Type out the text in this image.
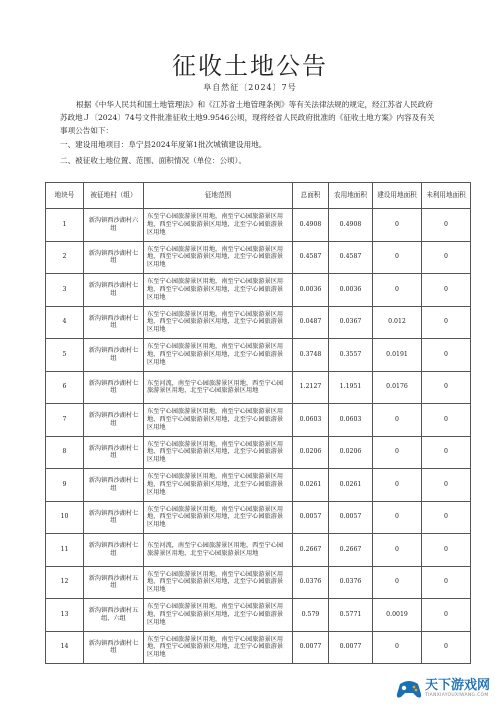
征收土地公告
阜自然征〔2024〕7号
根据《中华人民共和国土地管理法》和《江苏省土地管理条例》等有关法律法规的规定，经江苏省人民政府苏政地Ｊ〔2024〕74号文件批准征收土地9.9546公顷，现将经省人民政府批准的《征收土地方案》内容及有关事项公告如下：
一、建设用地项目：阜宁县2024年度第1批次城镇建设用地。
二、被征收土地位置、范围、面积情况（单位：公顷）。
地块号	被征地村（组）	征地范围	总面积	农用地面积	建设用地面积	未利用地面积
1	新沟镇西沙湖村六组	东至宁心园旅游景区用地，南至宁心园旅游景区用地，西至宁心园旅游景区用地，北至宁心园旅游景区用地	0.4908	0.4908	0	0
2	新沟镇西沙湖村七组	东至宁心园旅游景区用地，南至宁心园旅游景区用地，西至宁心园旅游景区用地，北至宁心园旅游景区用地	0.4587	0.4587	0	0
3	新沟镇西沙湖村七组	东至宁心园旅游景区用地，南至宁心园旅游景区用地，西至宁心园旅游景区用地，北至宁心园旅游景区用地	0.0036	0.0036	0	0
4	新沟镇西沙湖村七组	东至宁心园旅游景区用地，南至宁心园旅游景区用地，西至宁心园旅游景区用地，北至宁心园旅游景区用地	0.0487	0.0367	0.012	0
5	新沟镇西沙湖村七组	东至宁心园旅游景区用地，南至宁心园旅游景区用地，西至宁心园旅游景区用地，北至宁心园旅游景区用地	0.3748	0.3557	0.0191	0
6	新沟镇西沙湖村七组	东至河流，南至宁心园旅游景区用地，西至宁心园旅游景区用地，北至宁心园旅游景区用地	1.2127	1.1951	0.0176	0
7	新沟镇西沙湖村七组	东至宁心园旅游景区用地，南至宁心园旅游景区用地，西至宁心园旅游景区用地，北至宁心园旅游景区用地	0.0603	0.0603	0	0
8	新沟镇西沙湖村七组	东至宁心园旅游景区用地，南至宁心园旅游景区用地，西至宁心园旅游景区用地，北至宁心园旅游景区用地	0.0206	0.0206	0	0
9	新沟镇西沙湖村七组	东至宁心园旅游景区用地，南至宁心园旅游景区用地，西至宁心园旅游景区用地，北至宁心园旅游景区用地	0.0261	0.0261	0	0
10	新沟镇西沙湖村七组	东至宁心园旅游景区用地，南至宁心园旅游景区用地，西至宁心园旅游景区用地，北至宁心园旅游景区用地	0.0057	0.0057	0	0
11	新沟镇西沙湖村七组	东至河流，南至宁心园旅游景区用地，西至宁心园旅游景区用地，北至宁心园旅游景区用地	0.2667	0.2667	0	0
12	新沟镇西沙湖村五组	东至宁心园旅游景区用地，南至宁心园旅游景区用地，西至宁心园旅游景区用地，北至宁心园旅游景区用地	0.0376	0.0376	0	0
13	新沟镇西沙湖村五组、六组	东至宁心园旅游景区用地，南至宁心园旅游景区用地，西至宁心园旅游景区用地，北至宁心园旅游景区用地	0.579	0.5771	0.0019	0
14	新沟镇西沙湖村七组	东至宁心园旅游景区用地，南至宁心园旅游景区用地，西至宁心园旅游景区用地，北至宁心园旅游景区用地	0.0077	0.0077	0	0
天下游戏网
TIANXIAYOUXIWANG.COM
